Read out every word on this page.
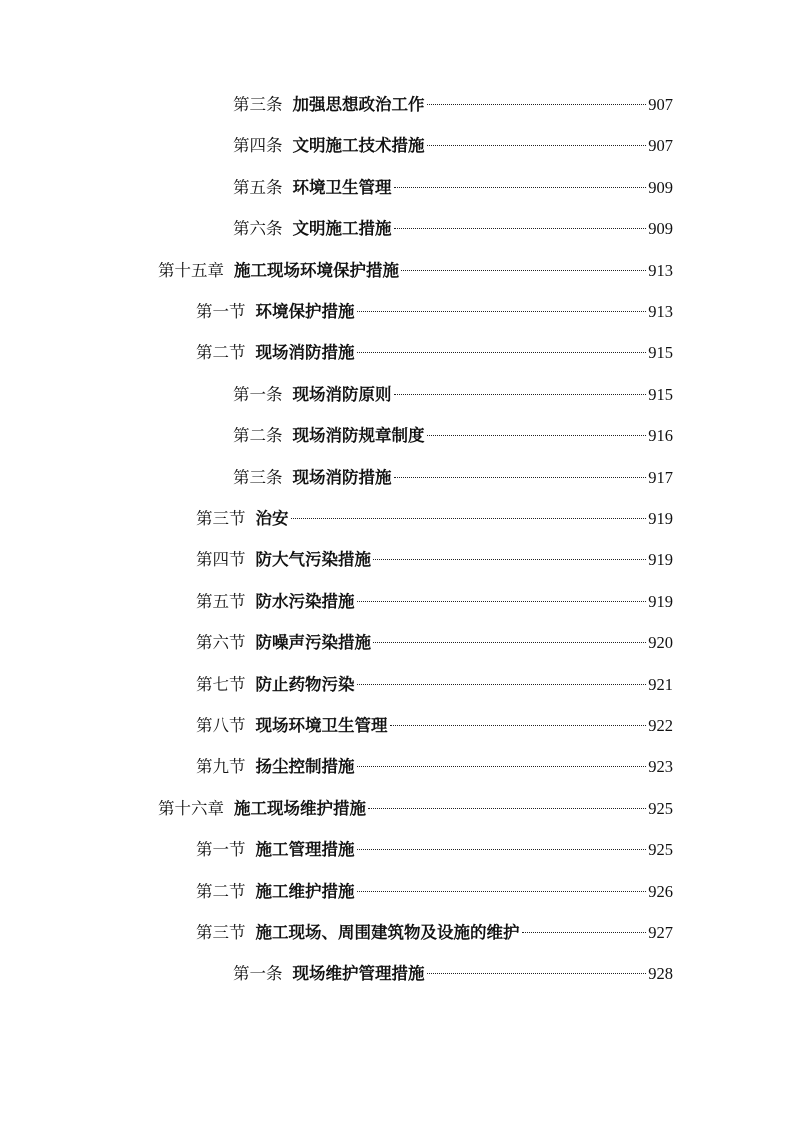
第三条 加强思想政治工作	907
第四条 文明施工技术措施	907
第五条 环境卫生管理	909
第六条 文明施工措施	909
第十五章 施工现场环境保护措施	913
第一节 环境保护措施	913
第二节 现场消防措施	915
第一条 现场消防原则	915
第二条 现场消防规章制度	916
第三条 现场消防措施	917
第三节 治安	919
第四节 防大气污染措施	919
第五节 防水污染措施	919
第六节 防噪声污染措施	920
第七节 防止药物污染	921
第八节 现场环境卫生管理	922
第九节 扬尘控制措施	923
第十六章 施工现场维护措施	925
第一节 施工管理措施	925
第二节 施工维护措施	926
第三节 施工现场、周围建筑物及设施的维护	927
第一条 现场维护管理措施	928
